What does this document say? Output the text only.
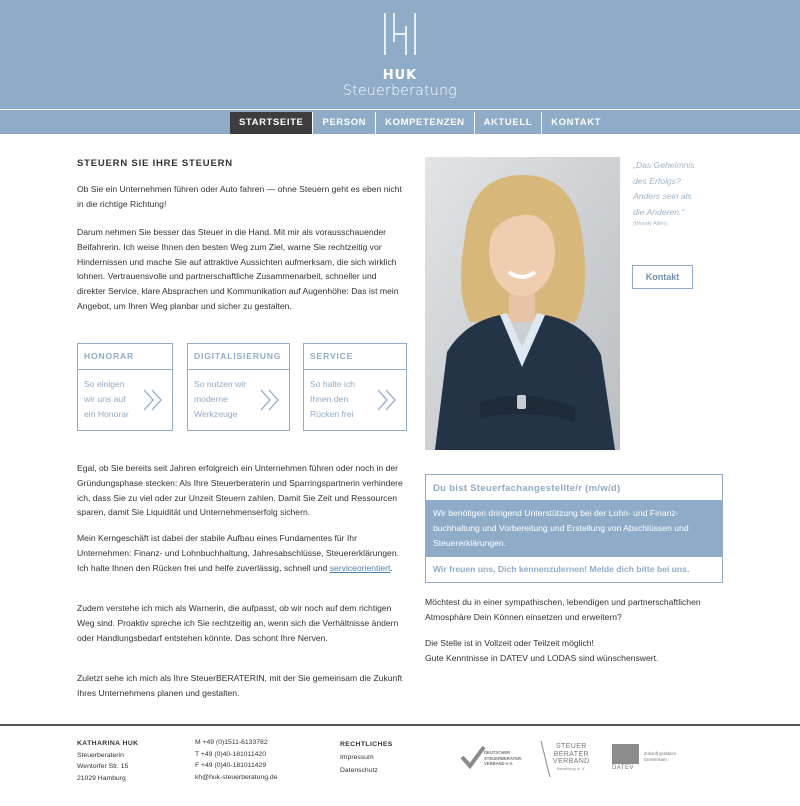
HUK
Steuerberatung
STARTSEITE	PERSON	KOMPETENZEN	AKTUELL	KONTAKT
STEUERN SIE IHRE STEUERN
Ob Sie ein Unternehmen führen oder Auto fahren — ohne Steuern geht es eben nicht in die richtige Richtung!
Darum nehmen Sie besser das Steuer in die Hand. Mit mir als vorausschauender Beifahrerin. Ich weise Ihnen den besten Weg zum Ziel, warne Sie rechtzeitig vor Hindernissen und mache Sie auf attraktive Aussichten aufmerksam, die sich wirklich lohnen. Vertrauensvolle und partnerschaftliche Zusammenarbeit, schneller und direkter Service, klare Absprachen und Kommunikation auf Augenhöhe: Das ist mein Angebot, um Ihren Weg planbar und sicher zu gestalten.
HONORAR
So einigen
wir uns auf
ein Honorar
DIGITALISIERUNG
So nutzen wir
moderne
Werkzeuge
SERVICE
So halte ich
Ihnen den
Rücken frei
Egal, ob Sie bereits seit Jahren erfolgreich ein Unternehmen führen oder noch in der Gründungsphase stecken: Als Ihre Steuerberaterin und Sparringspartnerin verhindere ich, dass Sie zu viel oder zur Unzeit Steuern zahlen. Damit Sie Zeit und Ressourcen sparen, damit Sie Liquidität und Unternehmenserfolg sichern.
Mein Kerngeschäft ist dabei der stabile Aufbau eines Fundamentes für Ihr Unternehmen: Finanz- und Lohnbuchhaltung, Jahresabschlüsse, Steuererklärungen. Ich halte Ihnen den Rücken frei und helfe zuverlässig, schnell und serviceorientiert.
Zudem verstehe ich mich als Warnerin, die aufpasst, ob wir noch auf dem richtigen Weg sind. Proaktiv spreche ich Sie rechtzeitig an, wenn sich die Verhältnisse ändern oder Handlungsbedarf entstehen könnte. Das schont Ihre Nerven.
Zuletzt sehe ich mich als Ihre SteuerBERATERIN, mit der Sie gemeinsam die Zukunft Ihres Unternehmens planen und gestalten.
„Das Geheimnis
des Erfolgs?
Anders sein als
die Anderen.“
(Woody Allen)
Kontakt
Du bist Steuerfachangestellte/r (m/w/d)
Wir benötigen dringend Unterstützung bei der Lohn- und Finanz-buchhaltung und Vorbereitung und Erstellung von Abschlüssen und Steuererklärungen.
Wir freuen uns, Dich kennenzulernen! Melde dich bitte bei uns.
Möchtest du in einer sympathischen, lebendigen und partnerschaftlichen Atmosphäre Dein Können einsetzen und erweitern?
Die Stelle ist in Vollzeit oder Teilzeit möglich!
Gute Kenntnisse in DATEV und LODAS sind wünschenswert.
KATHARINA HUK
Steuerberaterin
Wentorfer Str. 15
21029 Hamburg
M +49 (0)1511-6133782
T +49 (0)40-181011420
F +49 (0)40-181011429
kh@huk-steuerberatung.de
RECHTLICHES
Impressum
Datenschutz
DEUTSCHER
STEUERBERATER-
VERBAND e.V.
STEUER
BERATER
VERBAND
Hamburg e.V.	DATEV
Zukunft gestalten.
Gemeinsam.
